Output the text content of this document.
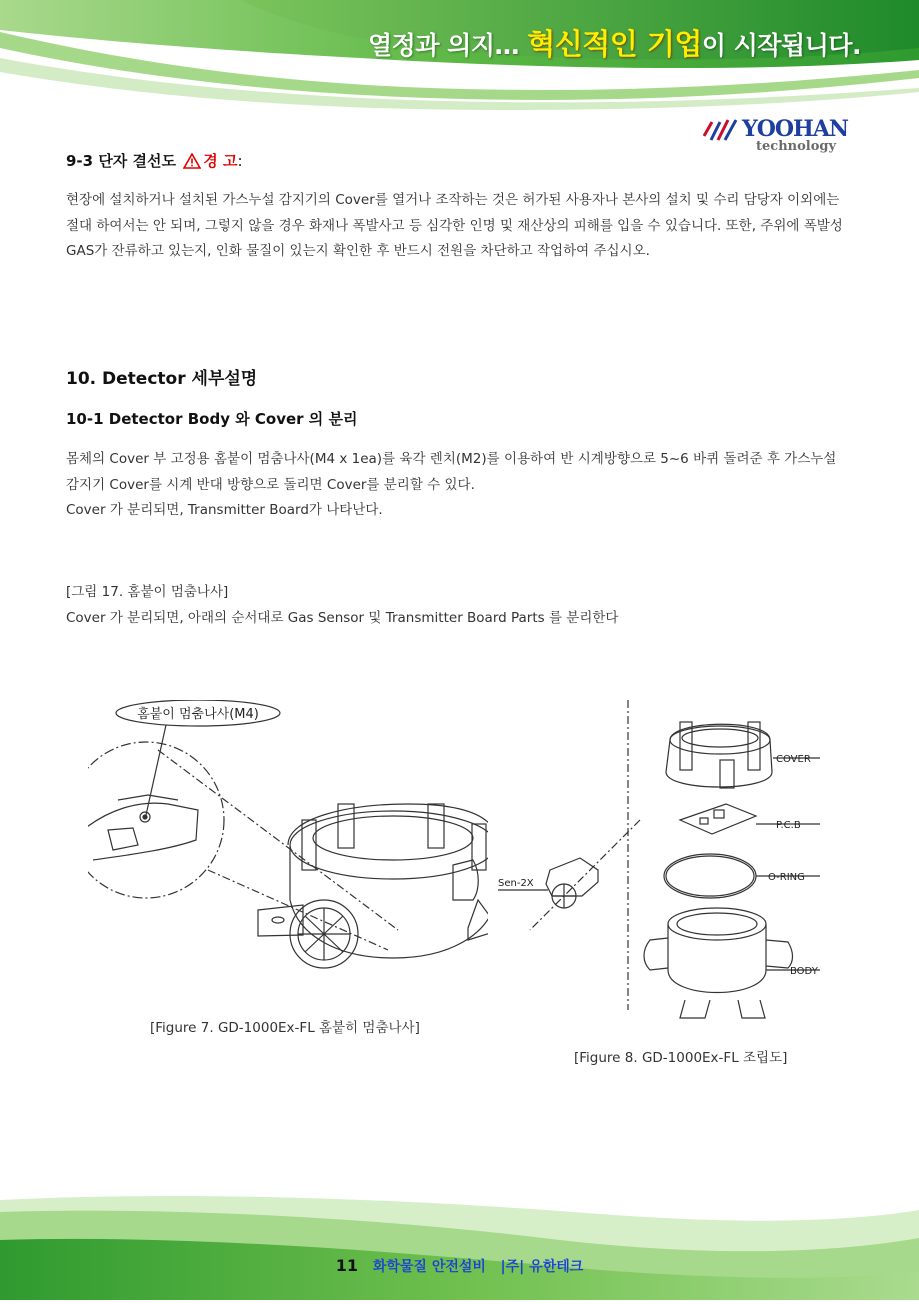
열정과 의지… 혁신적인 기업이 시작됩니다.
YOOHAN
technology
9-3 단자 결선도 경 고:

현장에 설치하거나 설치된 가스누설 감지기의 Cover를 열거나 조작하는 것은 허가된 사용자나 본사의 설치 및 수리 담당자 이외에는 절대 하여서는 안 되며, 그렇지 않을 경우 화재나 폭발사고 등 심각한 인명 및 재산상의 피해를 입을 수 있습니다. 또한, 주위에 폭발성 GAS가 잔류하고 있는지, 인화 물질이 있는지 확인한 후 반드시 전원을 차단하고 작업하여 주십시오.

10. Detector 세부설명
10-1 Detector Body 와 Cover 의 분리

몸체의 Cover 부 고정용 홈붙이 멈춤나사(M4 x 1ea)를 육각 렌치(M2)를 이용하여 반 시계방향으로 5~6 바퀴 돌려준 후 가스누설감지기 Cover를 시계 반대 방향으로 돌리면 Cover를 분리할 수 있다.

Cover 가 분리되면, Transmitter Board가 나타난다.

[그림 17. 홈붙이 멈춤나사]

Cover 가 분리되면, 아래의 순서대로 Gas Sensor 및 Transmitter Board Parts 를 분리한다

홈붙이 멈춤나사(M4)
[Figure 7. GD-1000Ex-FL 홈붙히 멈춤나사]
COVER
P.C.B
O-RING
BODY
Sen-2X
[Figure 8. GD-1000Ex-FL 조립도]
11 화학물질 안전설비   |주| 유한테크
